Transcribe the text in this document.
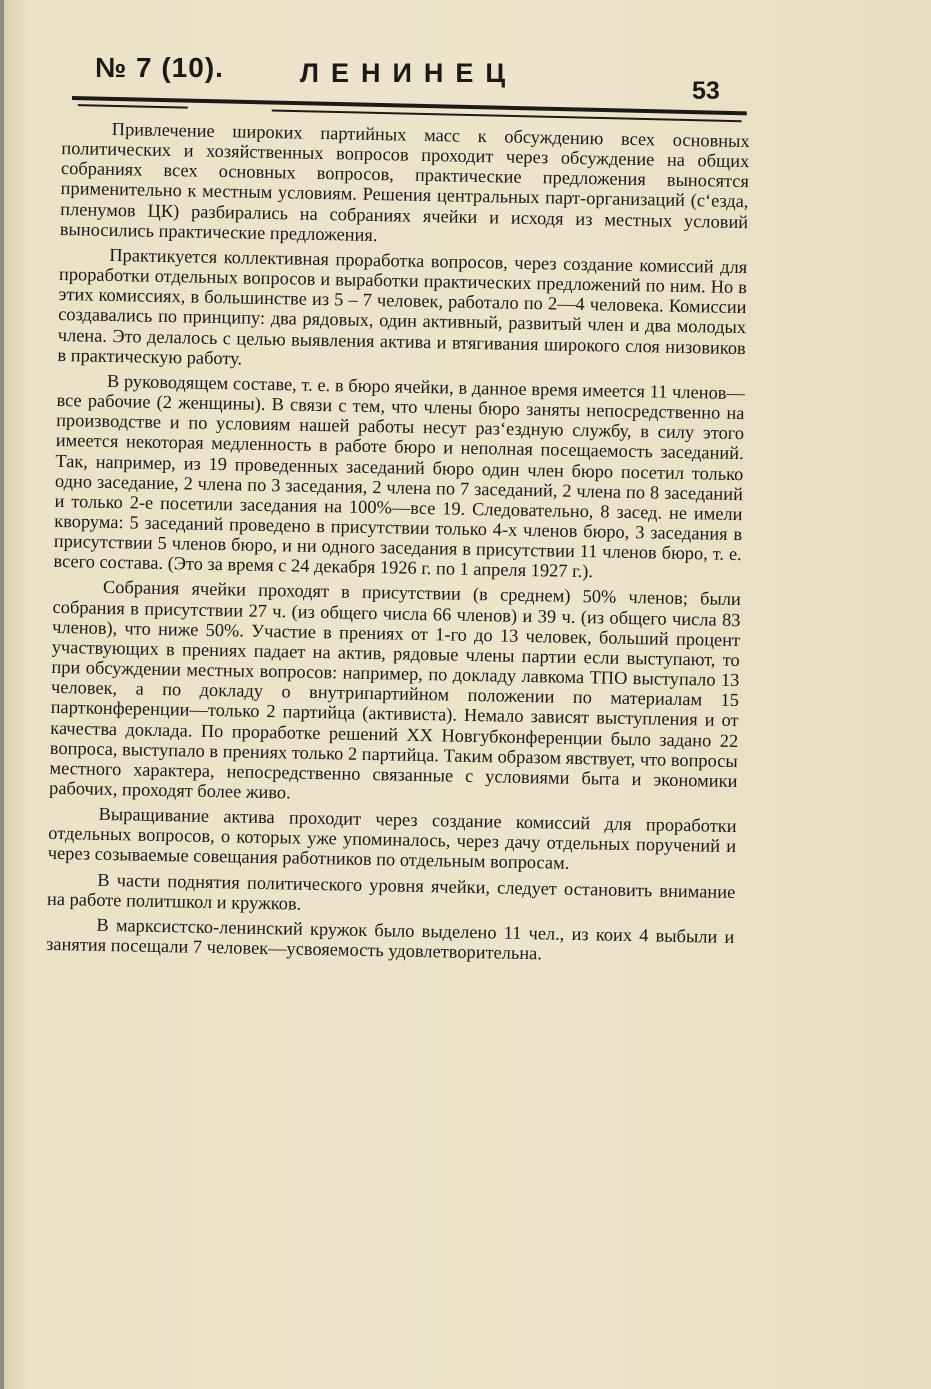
№ 7 (10).	ЛЕНИНЕЦ
53

Привлечение широких партийных масс к обсуждению всех основных политических и хозяйственных вопросов проходит через обсуждение на общих собраниях всех основных вопросов, практические предложения выносятся применительно к местным условиям. Решения центральных парт-организаций (с‘езда, пленумов ЦК) разбирались на собраниях ячейки и исходя из местных условий выносились практические предложения.

Практикуется коллективная проработка вопросов, через создание комиссий для проработки отдельных вопросов и выработки практических предложений по ним. Но в этих комиссиях, в большинстве из 5 – 7 человек, работало по 2—4 человека. Комиссии создавались по принципу: два рядовых, один активный, развитый член и два молодых члена. Это делалось с целью выявления актива и втягивания широкого слоя низовиков в практическую работу.

В руководящем составе, т. е. в бюро ячейки, в данное время имеется 11 членов—все рабочие (2 женщины). В связи с тем, что члены бюро заняты непосредственно на производстве и по условиям нашей работы несут раз‘ездную службу, в силу этого имеется некоторая медленность в работе бюро и неполная посещаемость заседаний. Так, например, из 19 проведенных заседаний бюро один член бюро посетил только одно заседание, 2 члена по 3 заседания, 2 члена по 7 заседаний, 2 члена по 8 заседаний и только 2-е посетили заседания на 100%—все 19. Следовательно, 8 засед. не имели кворума: 5 заседаний проведено в присутствии только 4-х членов бюро, 3 заседания в присутствии 5 членов бюро, и ни одного заседания в присутствии 11 членов бюро, т. е. всего состава. (Это за время с 24 декабря 1926 г. по 1 апреля 1927 г.).

Собрания ячейки проходят в присутствии (в среднем) 50% членов; были собрания в присутствии 27 ч. (из общего числа 66 членов) и 39 ч. (из общего числа 83 членов), что ниже 50%. Участие в прениях от 1-го до 13 человек, больший процент участвующих в прениях падает на актив, рядовые члены партии если выступают, то при обсуждении местных вопросов: например, по докладу лавкома ТПО выступало 13 человек, а по докладу о внутрипартийном положении по материалам 15 партконференции—только 2 партийца (активиста). Немало зависят выступления и от качества доклада. По проработке решений XX Новгубконференции было задано 22 вопроса, выступало в прениях только 2 партийца. Таким образом явствует, что вопросы местного характера, непосредственно связанные с условиями быта и экономики рабочих, проходят более живо.

Выращивание актива проходит через создание комиссий для проработки отдельных вопросов, о которых уже упоминалось, через дачу отдельных поручений и через созываемые совещания работников по отдельным вопросам.

В части поднятия политического уровня ячейки, следует остановить внимание на работе политшкол и кружков.

В марксистско-ленинский кружок было выделено 11 чел., из коих 4 выбыли и занятия посещали 7 человек—усвояемость удовлетворительна.
